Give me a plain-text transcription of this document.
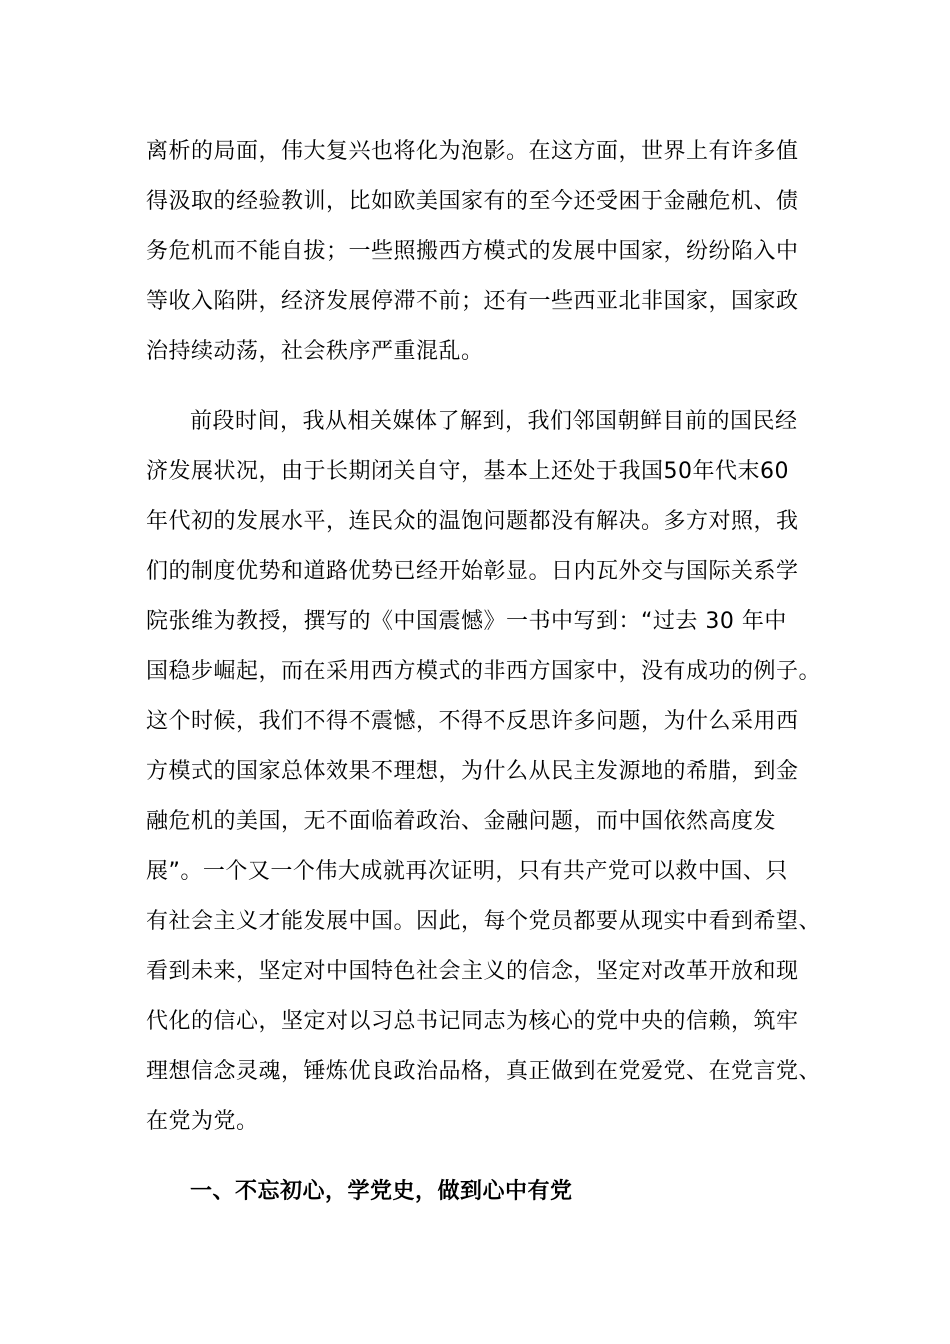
离析的局面，伟大复兴也将化为泡影。在这方面，世界上有许多值
得汲取的经验教训，比如欧美国家有的至今还受困于金融危机、债
务危机而不能自拔；一些照搬西方模式的发展中国家，纷纷陷入中
等收入陷阱，经济发展停滞不前；还有一些西亚北非国家，国家政
治持续动荡，社会秩序严重混乱。
前段时间，我从相关媒体了解到，我们邻国朝鲜目前的国民经
济发展状况，由于长期闭关自守，基本上还处于我国50年代末60
年代初的发展水平，连民众的温饱问题都没有解决。多方对照，我
们的制度优势和道路优势已经开始彰显。日内瓦外交与国际关系学
院张维为教授，撰写的《中国震憾》一书中写到：“过去 30 年中
国稳步崛起，而在采用西方模式的非西方国家中，没有成功的例子。
这个时候，我们不得不震憾，不得不反思许多问题，为什么采用西
方模式的国家总体效果不理想，为什么从民主发源地的希腊，到金
融危机的美国，无不面临着政治、金融问题，而中国依然高度发
展”。一个又一个伟大成就再次证明，只有共产党可以救中国、只
有社会主义才能发展中国。因此，每个党员都要从现实中看到希望、
看到未来，坚定对中国特色社会主义的信念，坚定对改革开放和现
代化的信心，坚定对以习总书记同志为核心的党中央的信赖，筑牢
理想信念灵魂，锤炼优良政治品格，真正做到在党爱党、在党言党、
在党为党。
一、不忘初心，学党史，做到心中有党
